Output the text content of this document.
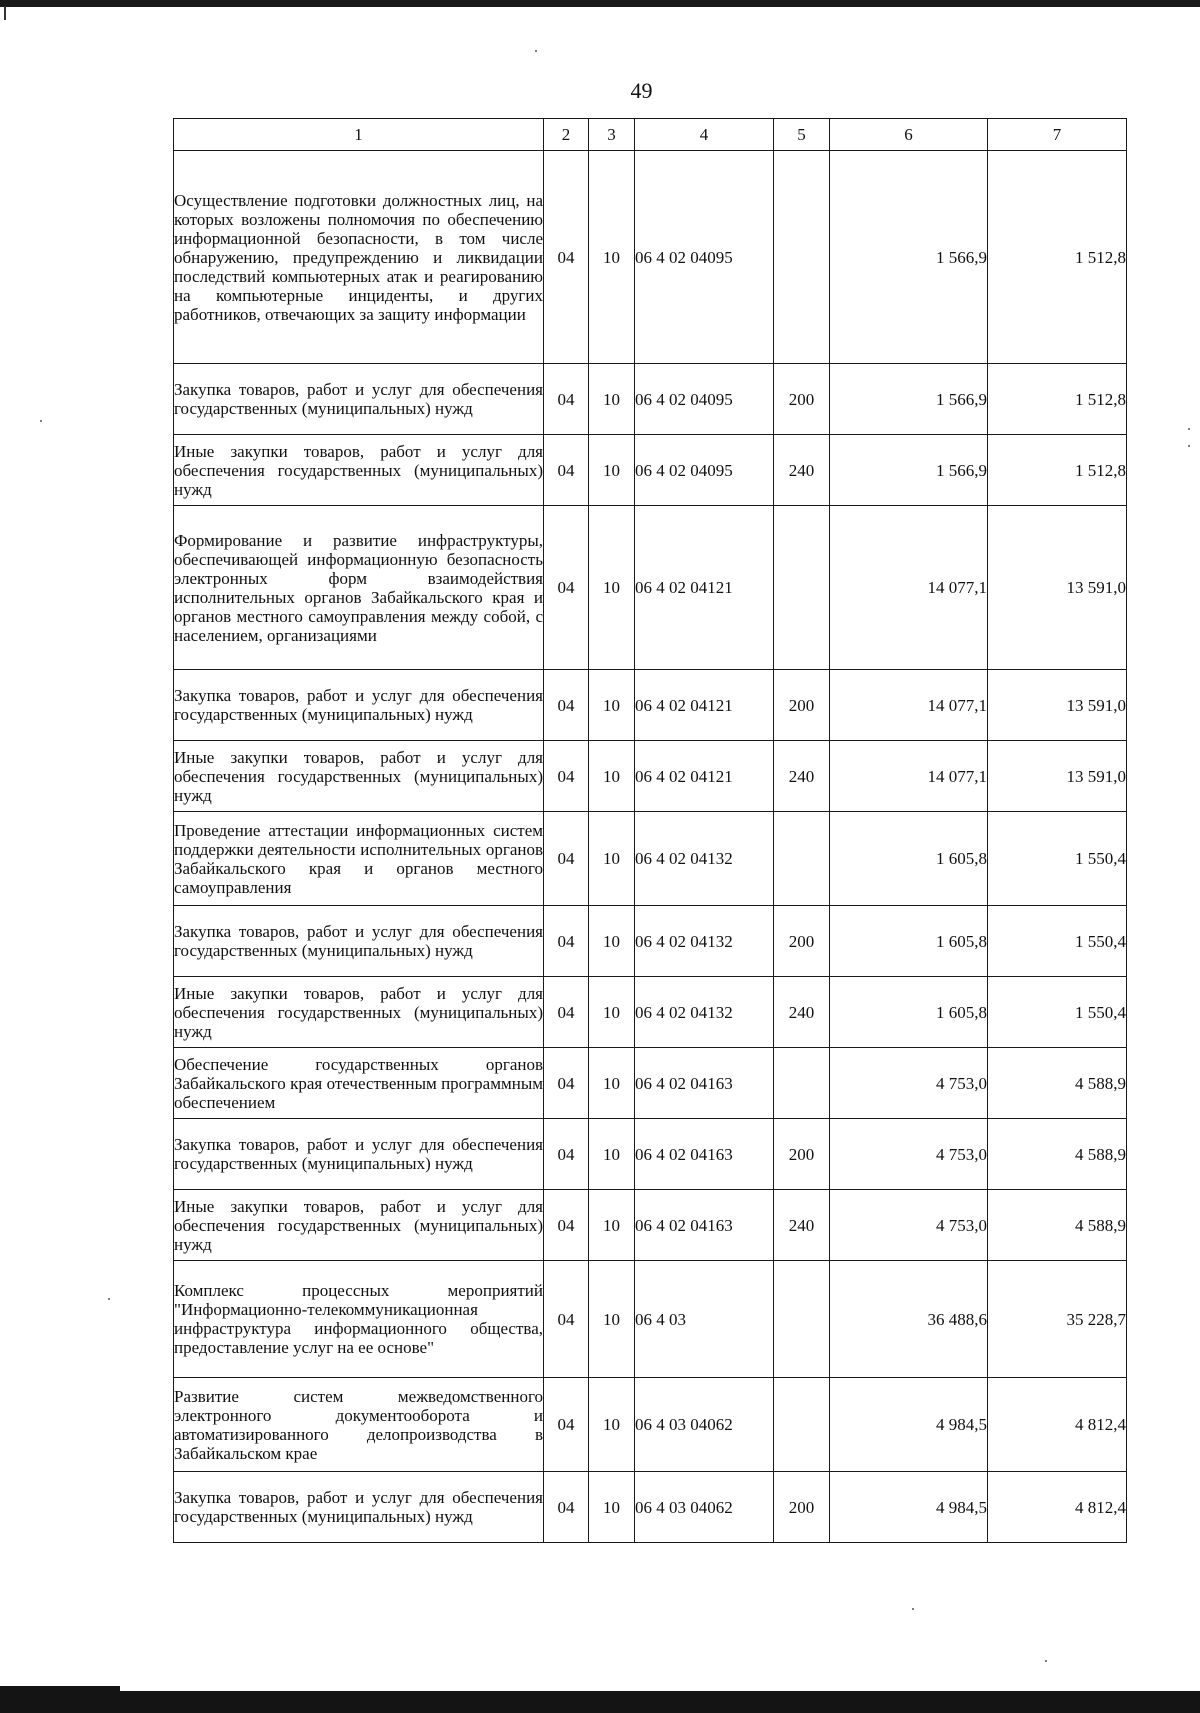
49
1	2	3	4	5	6	7
Осуществление подготовки должностных лиц, на которых возложены полномочия по обеспечению информационной безопасности, в том числе обнаружению, предупреждению и ликвидации последствий компьютерных атак и реагированию на компьютерные инциденты, и других работников, отвечающих за защиту информации	04	10	06 4 02 04095		1 566,9	1 512,8
Закупка товаров, работ и услуг для обеспечения государственных (муниципальных) нужд	04	10	06 4 02 04095	200	1 566,9	1 512,8
Иные закупки товаров, работ и услуг для обеспечения государственных (муниципальных) нужд	04	10	06 4 02 04095	240	1 566,9	1 512,8
Формирование и развитие инфраструктуры, обеспечивающей информационную безопасность электронных форм взаимодействия исполнительных органов Забайкальского края и органов местного самоуправления между собой, с населением, организациями	04	10	06 4 02 04121		14 077,1	13 591,0
Закупка товаров, работ и услуг для обеспечения государственных (муниципальных) нужд	04	10	06 4 02 04121	200	14 077,1	13 591,0
Иные закупки товаров, работ и услуг для обеспечения государственных (муниципальных) нужд	04	10	06 4 02 04121	240	14 077,1	13 591,0
Проведение аттестации информационных систем поддержки деятельности исполнительных органов Забайкальского края и органов местного самоуправления	04	10	06 4 02 04132		1 605,8	1 550,4
Закупка товаров, работ и услуг для обеспечения государственных (муниципальных) нужд	04	10	06 4 02 04132	200	1 605,8	1 550,4
Иные закупки товаров, работ и услуг для обеспечения государственных (муниципальных) нужд	04	10	06 4 02 04132	240	1 605,8	1 550,4
Обеспечение государственных органов Забайкальского края отечественным программным обеспечением	04	10	06 4 02 04163		4 753,0	4 588,9
Закупка товаров, работ и услуг для обеспечения государственных (муниципальных) нужд	04	10	06 4 02 04163	200	4 753,0	4 588,9
Иные закупки товаров, работ и услуг для обеспечения государственных (муниципальных) нужд	04	10	06 4 02 04163	240	4 753,0	4 588,9
Комплекс процессных мероприятий "Информационно-телекоммуникационная инфраструктура информационного общества, предоставление услуг на ее основе"	04	10	06 4 03		36 488,6	35 228,7
Развитие систем межведомственного электронного документооборота и автоматизированного делопроизводства в Забайкальском крае	04	10	06 4 03 04062		4 984,5	4 812,4
Закупка товаров, работ и услуг для обеспечения государственных (муниципальных) нужд	04	10	06 4 03 04062	200	4 984,5	4 812,4
